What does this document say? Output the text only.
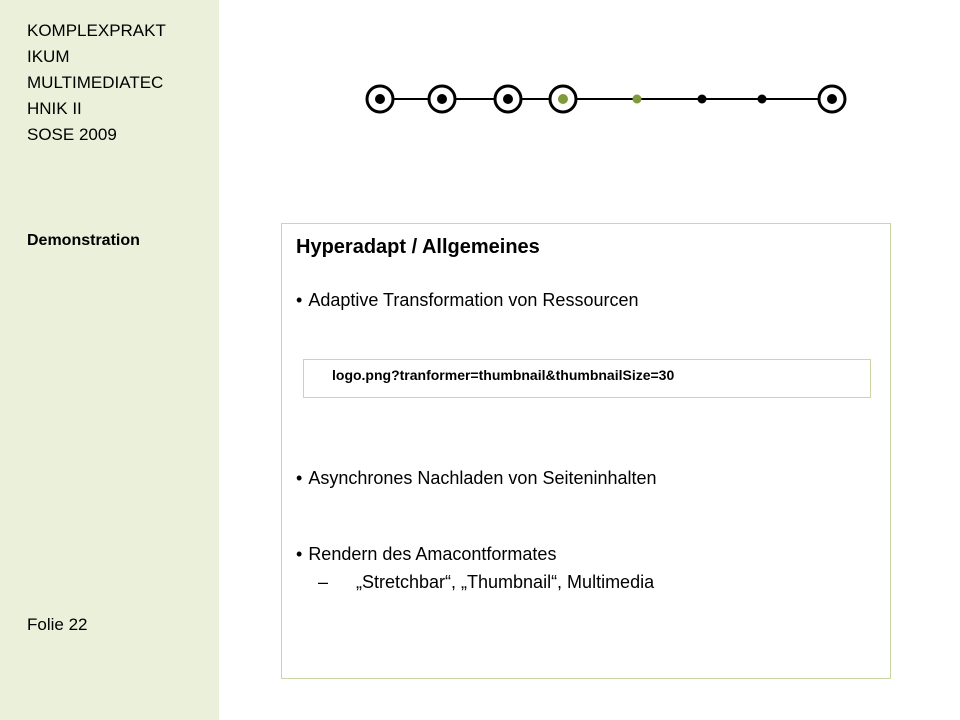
KOMPLEXPRAKT
IKUM
MULTIMEDIATEC
HNIK II
SOSE 2009
Demonstration
Folie 22
Hyperadapt / Allgemeines
• Adaptive Transformation von Ressourcen
logo.png?tranformer=thumbnail&thumbnailSize=30
• Asynchrones Nachladen von Seiteninhalten
• Rendern des Amacontformates
– „Stretchbar“, „Thumbnail“, Multimedia
